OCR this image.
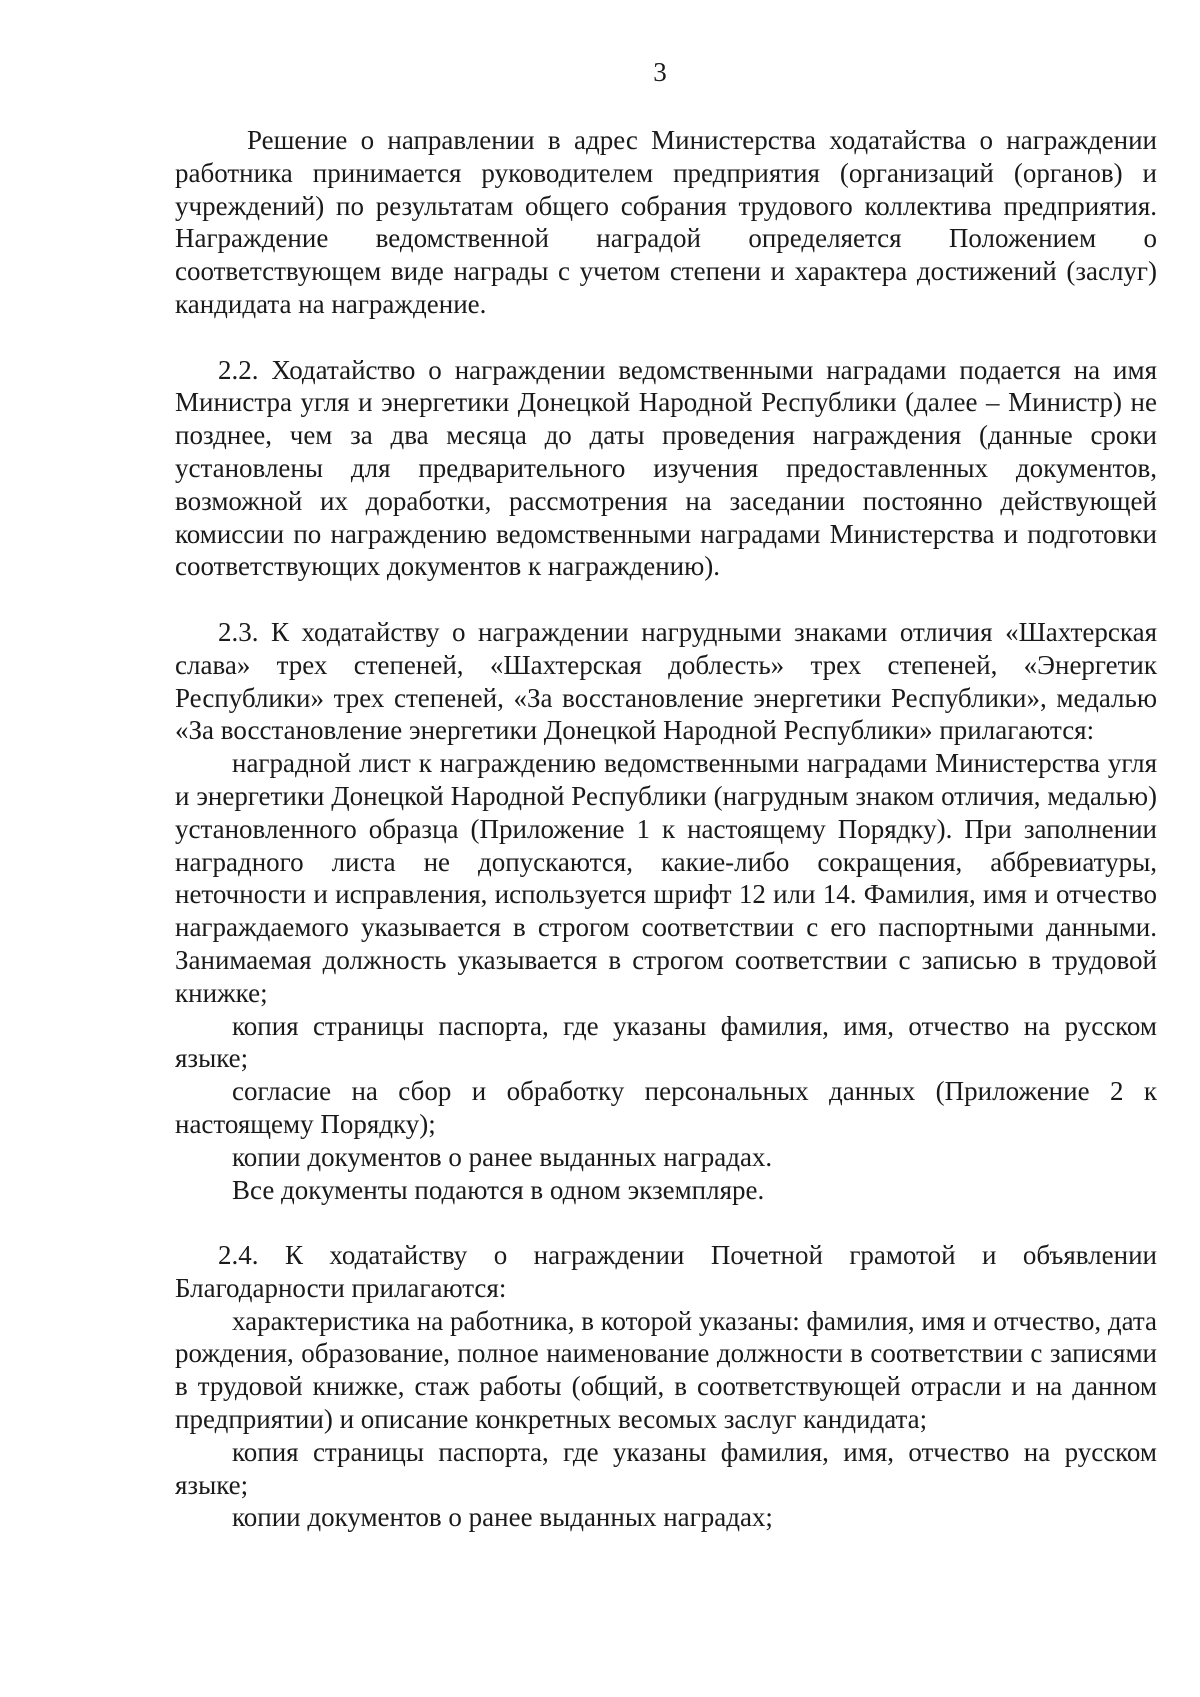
3

Решение о направлении в адрес Министерства ходатайства о награждении работника принимается руководителем предприятия (организаций (органов) и учреждений) по результатам общего собрания трудового коллектива предприятия. Награждение ведомственной наградой определяется Положением о соответствующем виде награды с учетом степени и характера достижений (заслуг) кандидата на награждение.

2.2. Ходатайство о награждении ведомственными наградами подается на имя Министра угля и энергетики Донецкой Народной Республики (далее – Министр) не позднее, чем за два месяца до даты проведения награждения (данные сроки установлены для предварительного изучения предоставленных документов, возможной их доработки, рассмотрения на заседании постоянно действующей комиссии по награждению ведомственными наградами Министерства и подготовки соответствующих документов к награждению).

2.3. К ходатайству о награждении нагрудными знаками отличия «Шахтерская слава» трех степеней, «Шахтерская доблесть» трех степеней, «Энергетик Республики» трех степеней, «За восстановление энергетики Республики», медалью «За восстановление энергетики Донецкой Народной Республики» прилагаются:

наградной лист к награждению ведомственными наградами Министерства угля и энергетики Донецкой Народной Республики (нагрудным знаком отличия, медалью) установленного образца (Приложение 1 к настоящему Порядку). При заполнении наградного листа не допускаются, какие-либо сокращения, аббревиатуры, неточности и исправления, используется шрифт 12 или 14. Фамилия, имя и отчество награждаемого указывается в строгом соответствии с его паспортными данными. Занимаемая должность указывается в строгом соответствии с записью в трудовой книжке;

копия страницы паспорта, где указаны фамилия, имя, отчество на русском языке;

согласие на сбор и обработку персональных данных (Приложение 2 к настоящему Порядку);

копии документов о ранее выданных наградах.

Все документы подаются в одном экземпляре.

2.4. К ходатайству о награждении Почетной грамотой и объявлении Благодарности прилагаются:

характеристика на работника, в которой указаны: фамилия, имя и отчество, дата рождения, образование, полное наименование должности в соответствии с записями в трудовой книжке, стаж работы (общий, в соответствующей отрасли и на данном предприятии) и описание конкретных весомых заслуг кандидата;

копия страницы паспорта, где указаны фамилия, имя, отчество на русском языке;

копии документов о ранее выданных наградах;
